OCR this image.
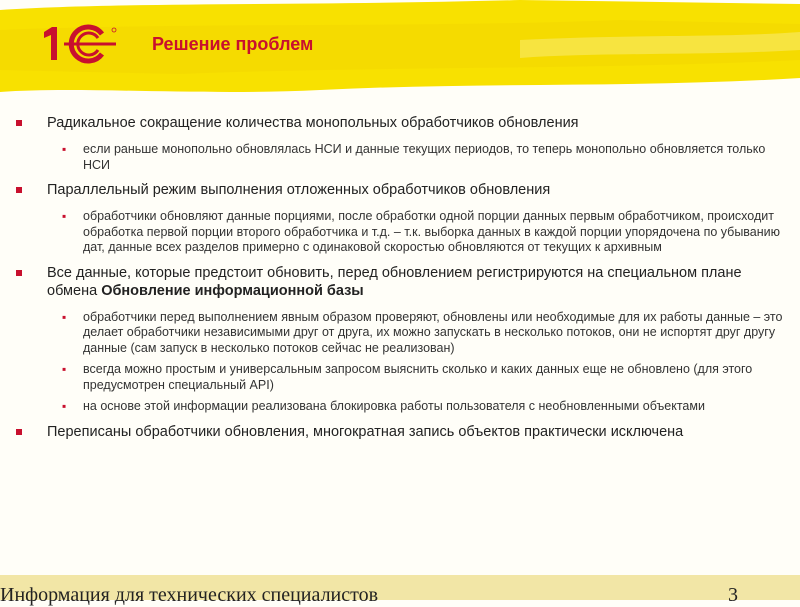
Решение проблем
Радикальное сокращение количества монопольных обработчиков обновления
▪ если раньше монопольно обновлялась НСИ и данные текущих периодов, то теперь монопольно обновляется только НСИ
Параллельный режим выполнения отложенных обработчиков обновления
▪ обработчики обновляют данные порциями, после обработки одной порции данных первым обработчиком, происходит обработка первой порции второго обработчика и т.д. – т.к. выборка данных в каждой порции упорядочена по убыванию дат, данные всех разделов примерно с одинаковой скоростью обновляются от текущих к архивным
Все данные, которые предстоит обновить, перед обновлением регистрируются на специальном плане обмена Обновление информационной базы
▪ обработчики перед выполнением явным образом проверяют, обновлены или необходимые для их работы данные – это делает обработчики независимыми друг от друга, их можно запускать в несколько потоков, они не испортят друг другу данные (сам запуск в несколько потоков сейчас не реализован)
▪ всегда можно простым и универсальным запросом выяснить сколько и каких данных еще не обновлено (для этого предусмотрен специальный API)
▪ на основе этой информации реализована блокировка работы пользователя с необновленными объектами
Переписаны обработчики обновления, многократная запись объектов практически исключена
Информация для технических специалистов	3
